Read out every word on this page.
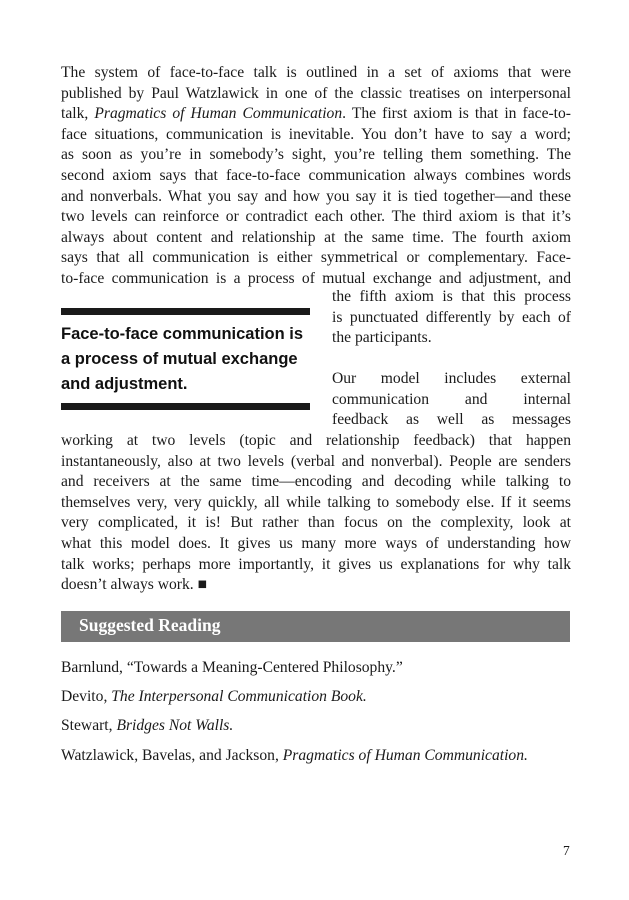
The system of face-to-face talk is outlined in a set of axioms that were
published by Paul Watzlawick in one of the classic treatises on interpersonal
talk, Pragmatics of Human Communication. The first axiom is that in face-to-
face situations, communication is inevitable. You don’t have to say a word;
as soon as you’re in somebody’s sight, you’re telling them something. The
second axiom says that face-to-face communication always combines words
and nonverbals. What you say and how you say it is tied together—and these
two levels can reinforce or contradict each other. The third axiom is that it’s
always about content and relationship at the same time. The fourth axiom
says that all communication is either symmetrical or complementary. Face-
to-face communication is a process of mutual exchange and adjustment, and
the fifth axiom is that this process
is punctuated differently by each of
the participants.
Face-to-face communication is
a process of mutual exchange
and adjustment.	Our model includes external
communication and internal
feedback as well as messages
working at two levels (topic and relationship feedback) that happen
instantaneously, also at two levels (verbal and nonverbal). People are senders
and receivers at the same time—encoding and decoding while talking to
themselves very, very quickly, all while talking to somebody else. If it seems
very complicated, it is! But rather than focus on the complexity, look at
what this model does. It gives us many more ways of understanding how
talk works; perhaps more importantly, it gives us explanations for why talk
doesn’t always work. ■
Suggested Reading
Barnlund, “Towards a Meaning-Centered Philosophy.”
Devito, The Interpersonal Communication Book.
Stewart, Bridges Not Walls.
Watzlawick, Bavelas, and Jackson, Pragmatics of Human Communication.
7
